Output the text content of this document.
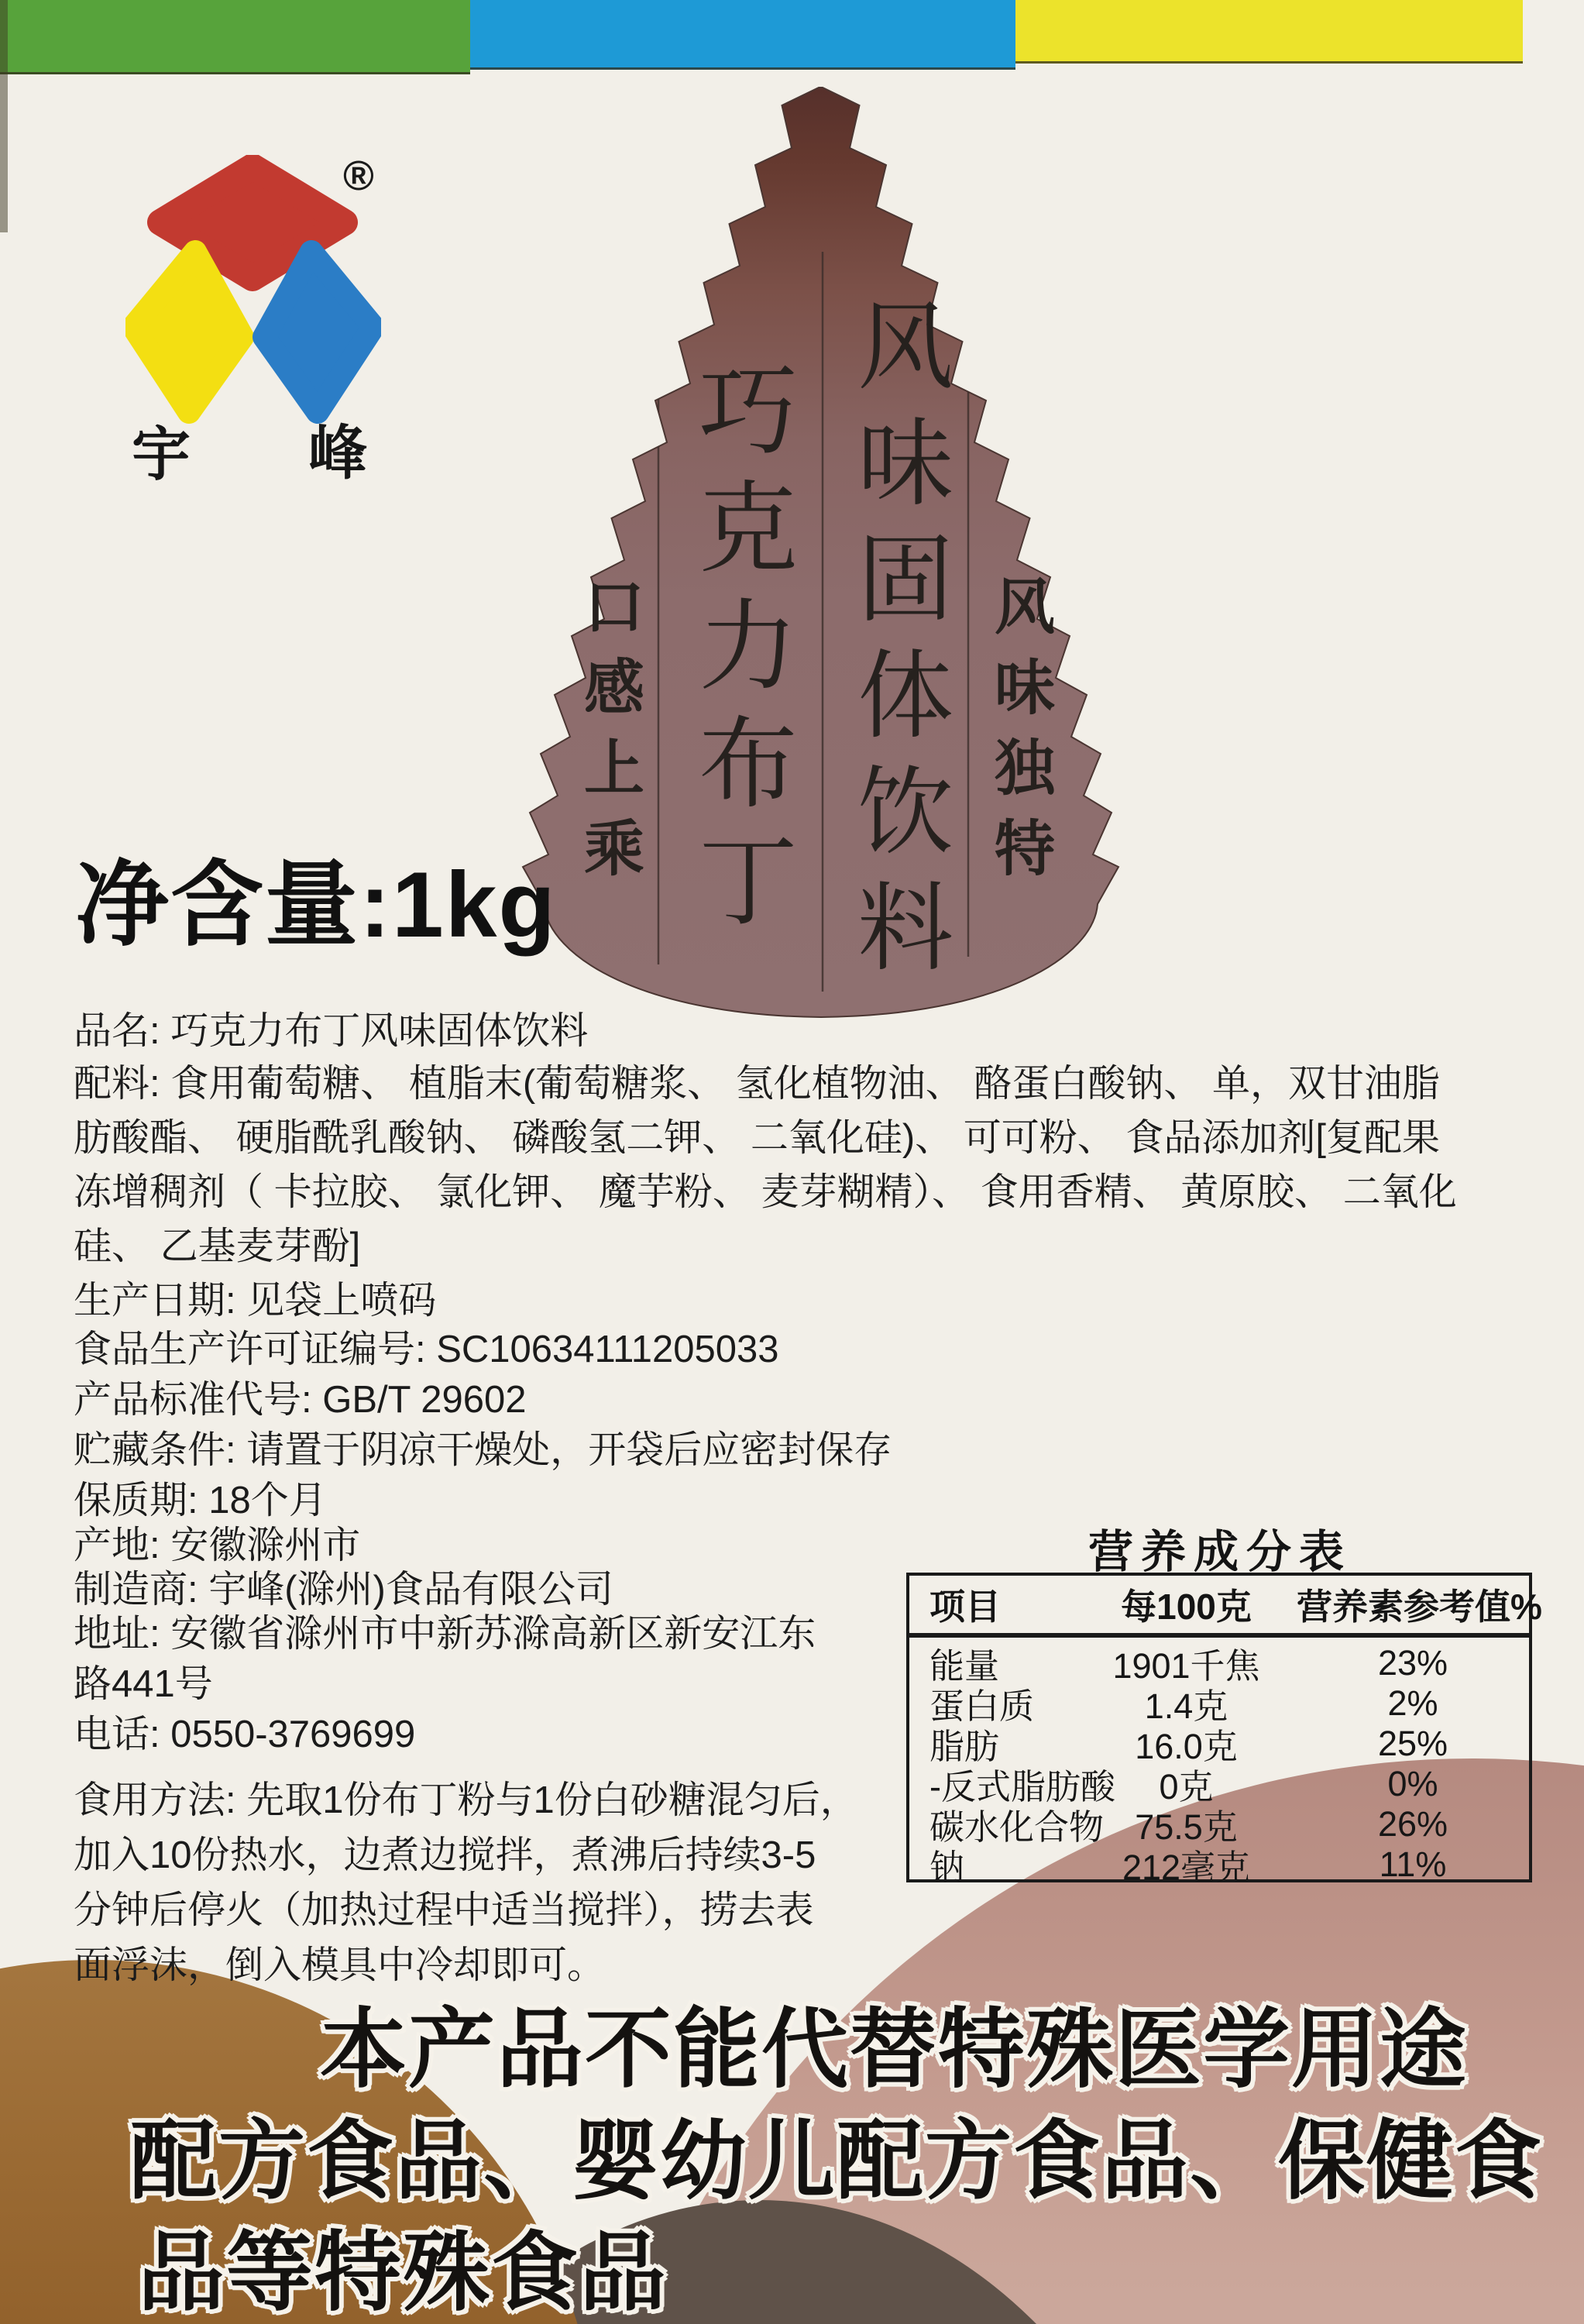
®
宇 峰	巧克力布丁 风味固体饮料
口感上乘	风味独特
净含量:1kg
品名: 巧克力布丁风味固体饮料
配料: 食用葡萄糖、 植脂末(葡萄糖浆、 氢化植物油、 酪蛋白酸钠、 单，双甘油脂
肪酸酯、 硬脂酰乳酸钠、 磷酸氢二钾、 二氧化硅)、 可可粉、 食品添加剂[复配果
冻增稠剂（ 卡拉胶、 氯化钾、 魔芋粉、 麦芽糊精）、 食用香精、 黄原胶、 二氧化
硅、 乙基麦芽酚]
生产日期: 见袋上喷码
食品生产许可证编号: SC10634111205033
产品标准代号: GB/T 29602
贮藏条件: 请置于阴凉干燥处，开袋后应密封保存
保质期: 18个月
产地: 安徽滁州市
制造商: 宇峰(滁州)食品有限公司
地址: 安徽省滁州市中新苏滁高新区新安江东
路441号
电话: 0550-3769699
食用方法: 先取1份布丁粉与1份白砂糖混匀后，
加入10份热水，边煮边搅拌，煮沸后持续3-5
分钟后停火（加热过程中适当搅拌），捞去表
面浮沫，倒入模具中冷却即可。
营养成分表
项目	每100克	营养素参考值%
能量	1901千焦	23%
蛋白质	1.4克	2%
脂肪	16.0克	25%
-反式脂肪酸	0克	0%
碳水化合物 75.5克	26%
钠	212毫克	11%
本产品不能代替特殊医学用途
配方食品、婴幼儿配方食品、保健食
品等特殊食品
